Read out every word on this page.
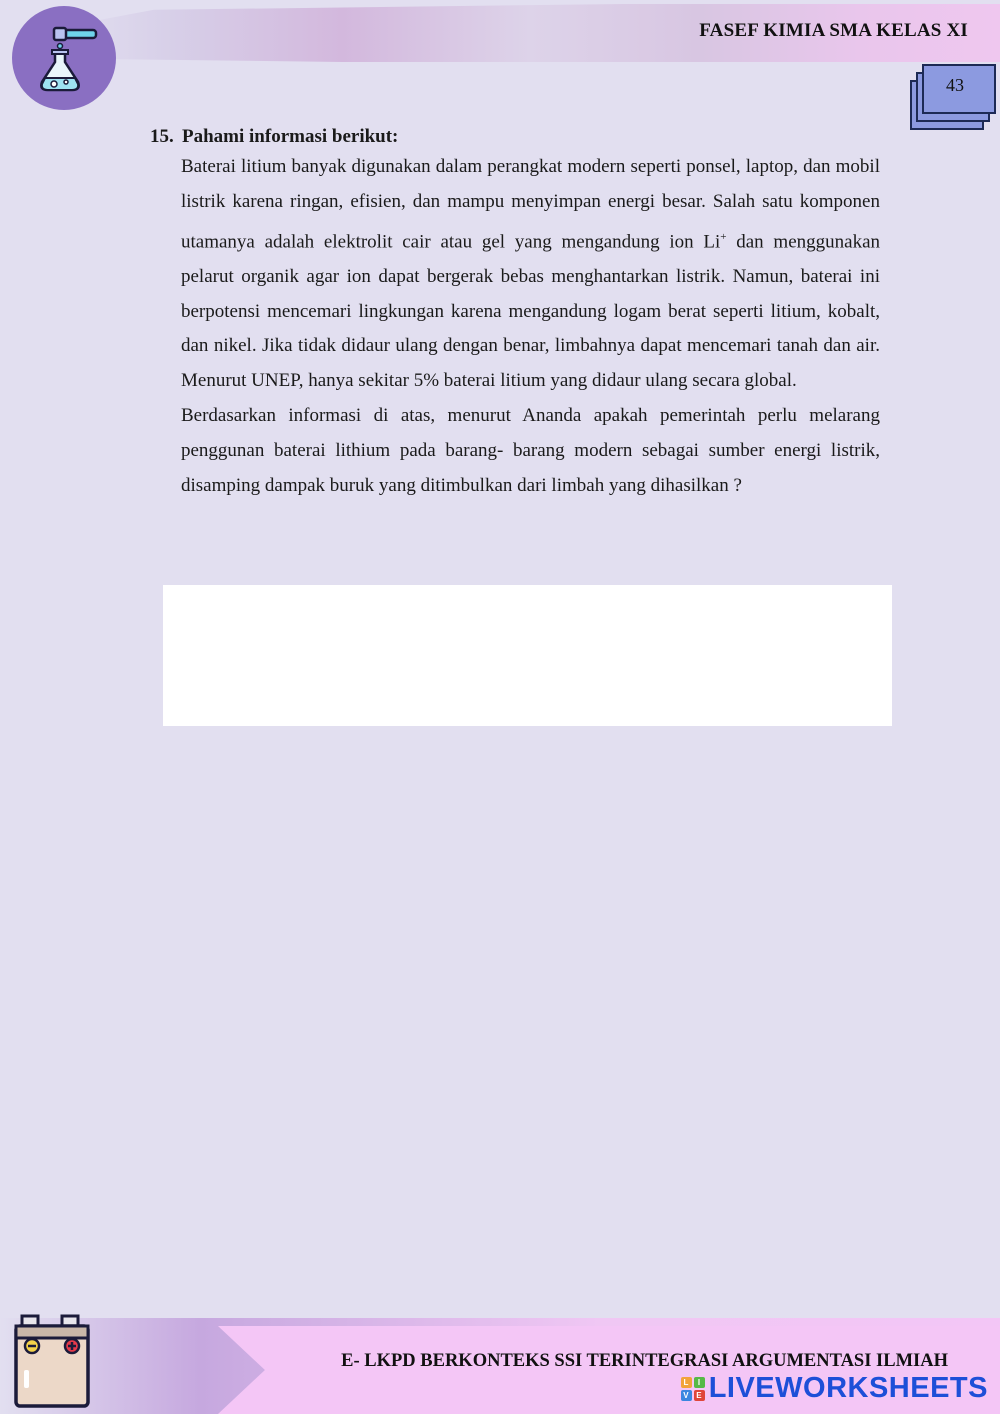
FASEF KIMIA SMA KELAS XI
43
15. Pahami informasi berikut:

Baterai litium banyak digunakan dalam perangkat modern seperti ponsel, laptop, dan mobil listrik karena ringan, efisien, dan mampu menyimpan energi besar. Salah satu komponen utamanya adalah elektrolit cair atau gel yang mengandung ion Li+ dan menggunakan pelarut organik agar ion dapat bergerak bebas menghantarkan listrik. Namun, baterai ini berpotensi mencemari lingkungan karena mengandung logam berat seperti litium, kobalt, dan nikel. Jika tidak didaur ulang dengan benar, limbahnya dapat mencemari tanah dan air. Menurut UNEP, hanya sekitar 5% baterai litium yang didaur ulang secara global.

Berdasarkan informasi di atas, menurut Ananda apakah pemerintah perlu melarang penggunan baterai lithium pada barang- barang modern sebagai sumber energi listrik, disamping dampak buruk yang ditimbulkan dari limbah yang dihasilkan ?

E- LKPD BERKONTEKS SSI TERINTEGRASI ARGUMENTASI ILMIAH
L	I
V E LIVEWORKSHEETS
